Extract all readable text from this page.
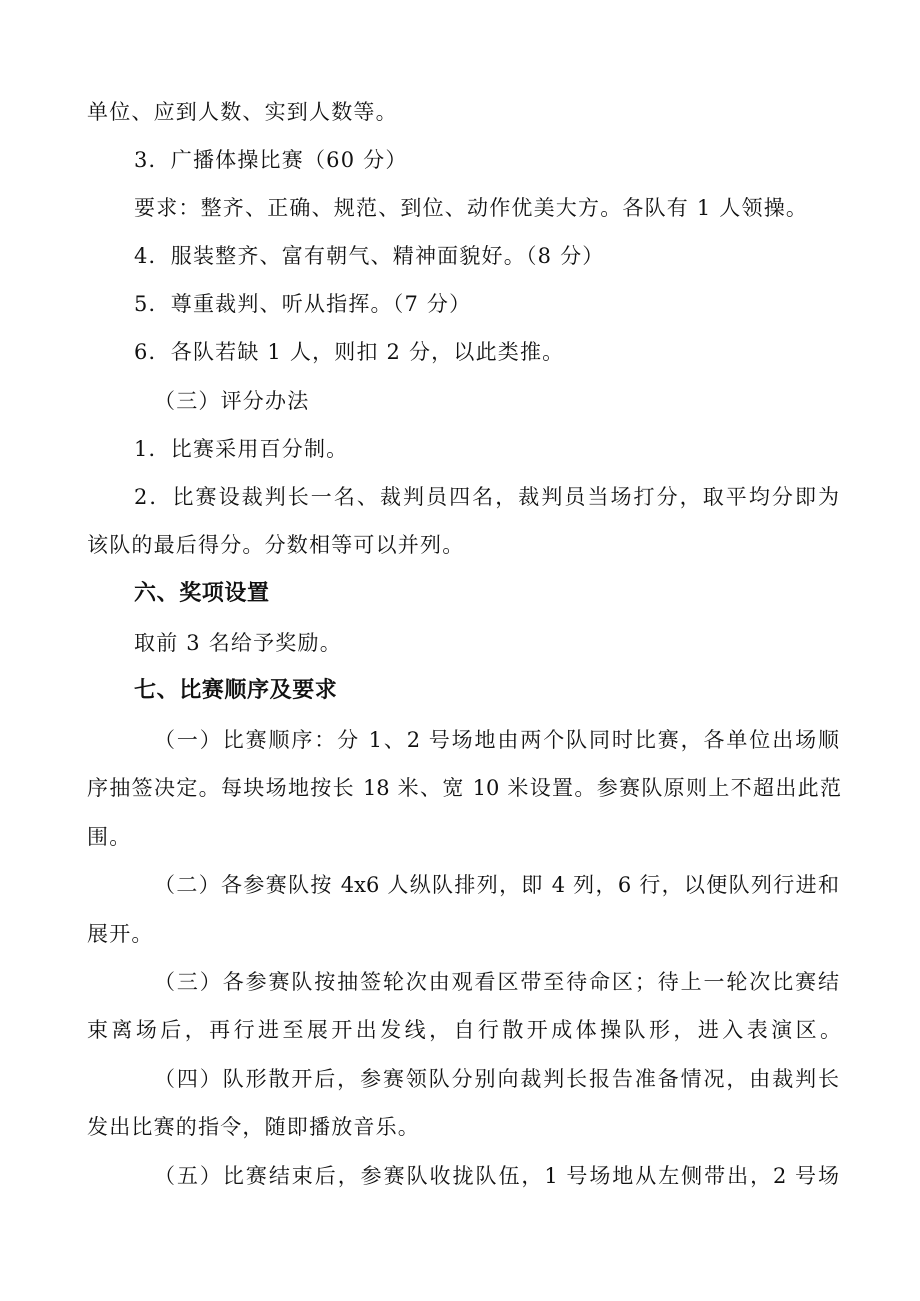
单位、应到人数、实到人数等。
3．广播体操比赛（60 分）
要求：整齐、正确、规范、到位、动作优美大方。各队有 1 人领操。
4．服装整齐、富有朝气、精神面貌好。（8 分）
5．尊重裁判、听从指挥。（7 分）
6．各队若缺 1 人，则扣 2 分，以此类推。
（三）评分办法
1．比赛采用百分制。
2．比赛设裁判长一名、裁判员四名，裁判员当场打分，取平均分即为
该队的最后得分。分数相等可以并列。
六、奖项设置
取前 3 名给予奖励。
七、比赛顺序及要求
（一）比赛顺序：分 1、2 号场地由两个队同时比赛，各单位出场顺
序抽签决定。每块场地按长 18 米、宽 10 米设置。参赛队原则上不超出此范
围。
（二）各参赛队按 4x6 人纵队排列，即 4 列，6 行，以便队列行进和
展开。
（三）各参赛队按抽签轮次由观看区带至待命区；待上一轮次比赛结
束离场后，再行进至展开出发线，自行散开成体操队形，进入表演区。
（四）队形散开后，参赛领队分别向裁判长报告准备情况，由裁判长
发出比赛的指令，随即播放音乐。
（五）比赛结束后，参赛队收拢队伍，1 号场地从左侧带出，2 号场
